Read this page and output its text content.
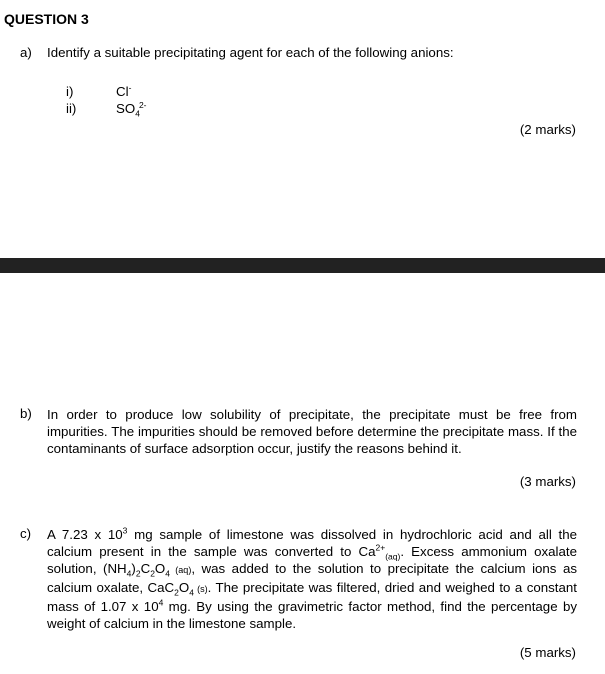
QUESTION 3
a) Identify a suitable precipitating agent for each of the following anions:
i)	Cl-
ii)	$SO_4^{2-}$
(2 marks)
b) In order to produce low solubility of precipitate, the precipitate must be free from impurities. The impurities should be removed before determine the precipitate mass. If the contaminants of surface adsorption occur, justify the reasons behind it.
(3 marks)
c) A 7.23 x $10^3$ mg sample of limestone was dissolved in hydrochloric acid and all the calcium present in the sample was converted to $Ca^{2+}_{(aq)}$. Excess ammonium oxalate solution, $(NH_4)_2C_2O_4$ (aq), was added to the solution to precipitate the calcium ions as calcium oxalate, $CaC_2O_4$ (s). The precipitate was filtered, dried and weighed to a constant mass of 1.07 x $10^4$ mg. By using the gravimetric factor method, find the percentage by weight of calcium in the limestone sample.
(5 marks)
